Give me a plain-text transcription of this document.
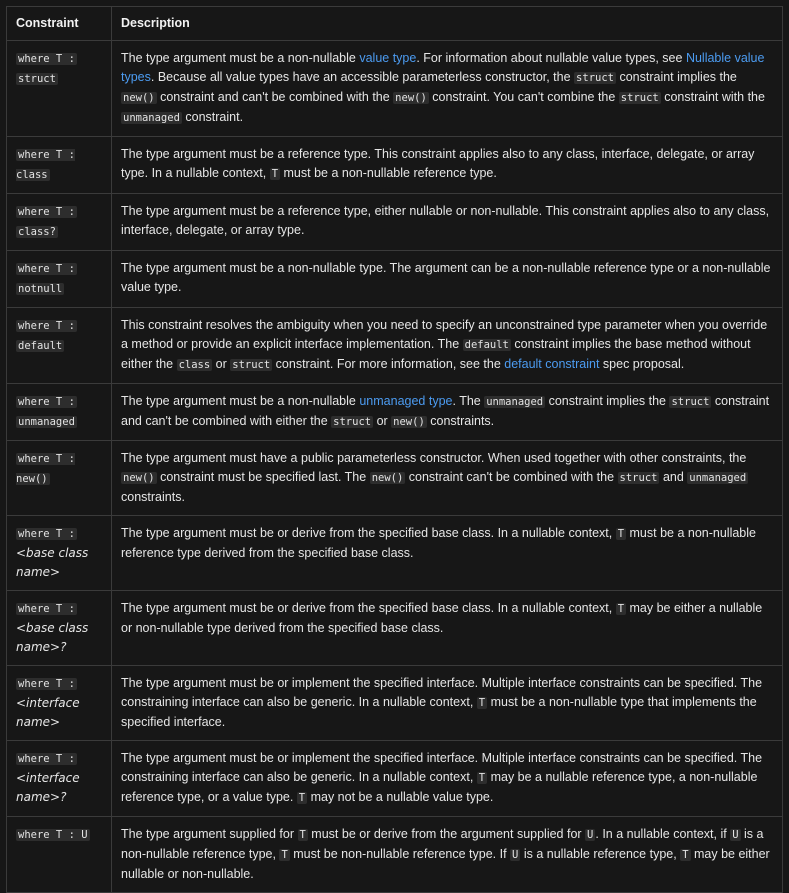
Constraint	Description
where T : struct	The type argument must be a non-nullable value type. For information about nullable value types, see Nullable value types. Because all value types have an accessible parameterless constructor, the struct constraint implies the new() constraint and can't be combined with the new() constraint. You can't combine the struct constraint with the unmanaged constraint.
where T : class	The type argument must be a reference type. This constraint applies also to any class, interface, delegate, or array type. In a nullable context, T must be a non-nullable reference type.
where T : class?	The type argument must be a reference type, either nullable or non-nullable. This constraint applies also to any class, interface, delegate, or array type.
where T : notnull	The type argument must be a non-nullable type. The argument can be a non-nullable reference type or a non-nullable value type.
where T : default	This constraint resolves the ambiguity when you need to specify an unconstrained type parameter when you override a method or provide an explicit interface implementation. The default constraint implies the base method without either the class or struct constraint. For more information, see the default constraint spec proposal.
where T : unmanaged	The type argument must be a non-nullable unmanaged type. The unmanaged constraint implies the struct constraint and can't be combined with either the struct or new() constraints.
where T : new()	The type argument must have a public parameterless constructor. When used together with other constraints, the new() constraint must be specified last. The new() constraint can't be combined with the struct and unmanaged constraints.
where T : <base class name>	The type argument must be or derive from the specified base class. In a nullable context, T must be a non-nullable reference type derived from the specified base class.
where T : <base class name>?	The type argument must be or derive from the specified base class. In a nullable context, T may be either a nullable or non-nullable type derived from the specified base class.
where T : <interface name>	The type argument must be or implement the specified interface. Multiple interface constraints can be specified. The constraining interface can also be generic. In a nullable context, T must be a non-nullable type that implements the specified interface.
where T : <interface name>?	The type argument must be or implement the specified interface. Multiple interface constraints can be specified. The constraining interface can also be generic. In a nullable context, T may be a nullable reference type, a non-nullable reference type, or a value type. T may not be a nullable value type.
where T : U	The type argument supplied for T must be or derive from the argument supplied for U . In a nullable context, if U is a non-nullable reference type, T must be non-nullable reference type. If U is a nullable reference type, T may be either nullable or non-nullable.
